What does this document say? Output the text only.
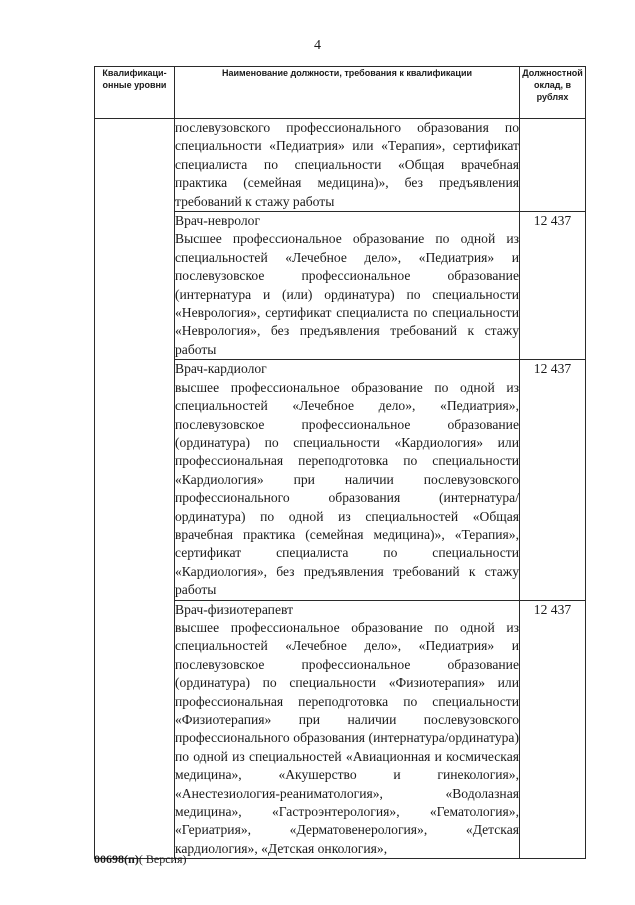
4
Квалификаци-онные уровни	Наименование должности, требования к квалификации	Должностной оклад, в рублях
	послевузовского профессионального образования по специальности «Педиатрия» или «Терапия», сертификат специалиста по специальности «Общая врачебная практика (семейная медицина)», без предъявления требований к стажу работы	

	Врач-невролог
Высшее профессиональное образование по одной из специальностей «Лечебное дело», «Педиатрия» и послевузовское профессиональное образование (интернатура и (или) ординатура) по специальности «Неврология», сертификат специалиста по специальности «Неврология», без предъявления требований к стажу работы	12 437

	Врач-кардиолог
высшее профессиональное образование по одной из специальностей «Лечебное дело», «Педиатрия», послевузовское профессиональное образование (ординатура) по специальности «Кардиология» или профессиональная переподготовка по специальности «Кардиология» при наличии послевузовского профессионального образования (интернатура/ ординатура) по одной из специальностей «Общая врачебная практика (семейная медицина)», «Терапия», сертификат специалиста по специальности «Кардиология», без предъявления требований к стажу работы	12 437

	Врач-физиотерапевт
высшее профессиональное образование по одной из специальностей «Лечебное дело», «Педиатрия» и послевузовское профессиональное образование (ординатура) по специальности «Физиотерапия» или профессиональная переподготовка по специальности «Физиотерапия» при наличии послевузовского профессионального образования (интернатура/ординатура) по одной из специальностей «Авиационная и космическая медицина», «Акушерство и гинекология», «Анестезиология-реаниматология», «Водолазная медицина», «Гастроэнтерология», «Гематология», «Гериатрия», «Дерматовенерология», «Детская кардиология», «Детская онкология»,	12 437
00698(п)( Версия)
